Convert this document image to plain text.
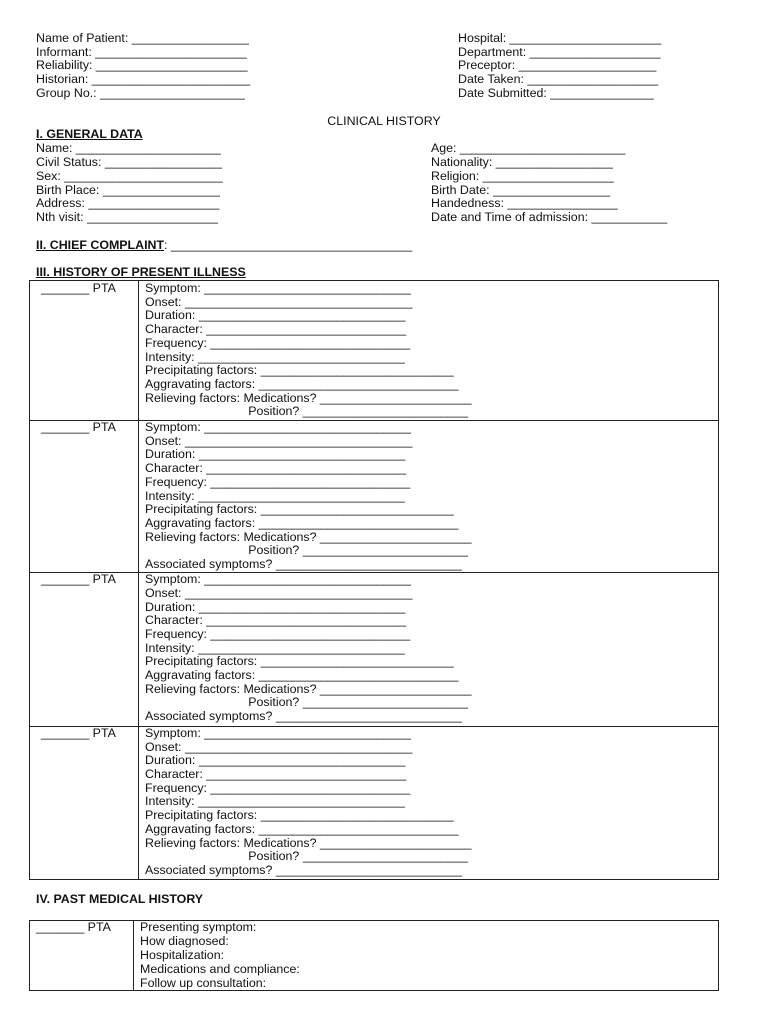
Name of Patient: _________________
Informant: ______________________
Reliability: ______________________
Historian: _______________________
Group No.: _____________________
Hospital: ______________________
Department: ___________________
Preceptor: ____________________
Date Taken: ___________________
Date Submitted: _______________
CLINICAL HISTORY
I. GENERAL DATA
Name: _____________________
Civil Status: _________________
Sex: _______________________
Birth Place: _________________
Address: ___________________
Nth visit: ___________________
Age: ________________________
Nationality: _________________
Religion: ___________________
Birth Date: _________________
Handedness: ________________
Date and Time of admission: ___________
II. CHIEF COMPLAINT: ___________________________________
III. HISTORY OF PRESENT ILLNESS
_______ PTA Symptom: ______________________________
Onset: _________________________________
Duration: ______________________________
Character: _____________________________
Frequency: _____________________________
Intensity: ______________________________
Precipitating factors: ____________________________
Aggravating factors: _____________________________
Relieving factors: Medications? ______________________
Position? ________________________
_______ PTA Symptom: ______________________________
Onset: _________________________________
Duration: ______________________________
Character: _____________________________
Frequency: _____________________________
Intensity: ______________________________
Precipitating factors: ____________________________
Aggravating factors: _____________________________
Relieving factors: Medications? ______________________
Position? ________________________
Associated symptoms? ___________________________
_______ PTA Symptom: ______________________________
Onset: _________________________________
Duration: ______________________________
Character: _____________________________
Frequency: _____________________________
Intensity: ______________________________
Precipitating factors: ____________________________
Aggravating factors: _____________________________
Relieving factors: Medications? ______________________
Position? ________________________
Associated symptoms? ___________________________
_______ PTA Symptom: ______________________________
Onset: _________________________________
Duration: ______________________________
Character: _____________________________
Frequency: _____________________________
Intensity: ______________________________
Precipitating factors: ____________________________
Aggravating factors: _____________________________
Relieving factors: Medications? ______________________
Position? ________________________
Associated symptoms? ___________________________
IV. PAST MEDICAL HISTORY
_______ PTA Presenting symptom:
How diagnosed:
Hospitalization:
Medications and compliance:
Follow up consultation:
